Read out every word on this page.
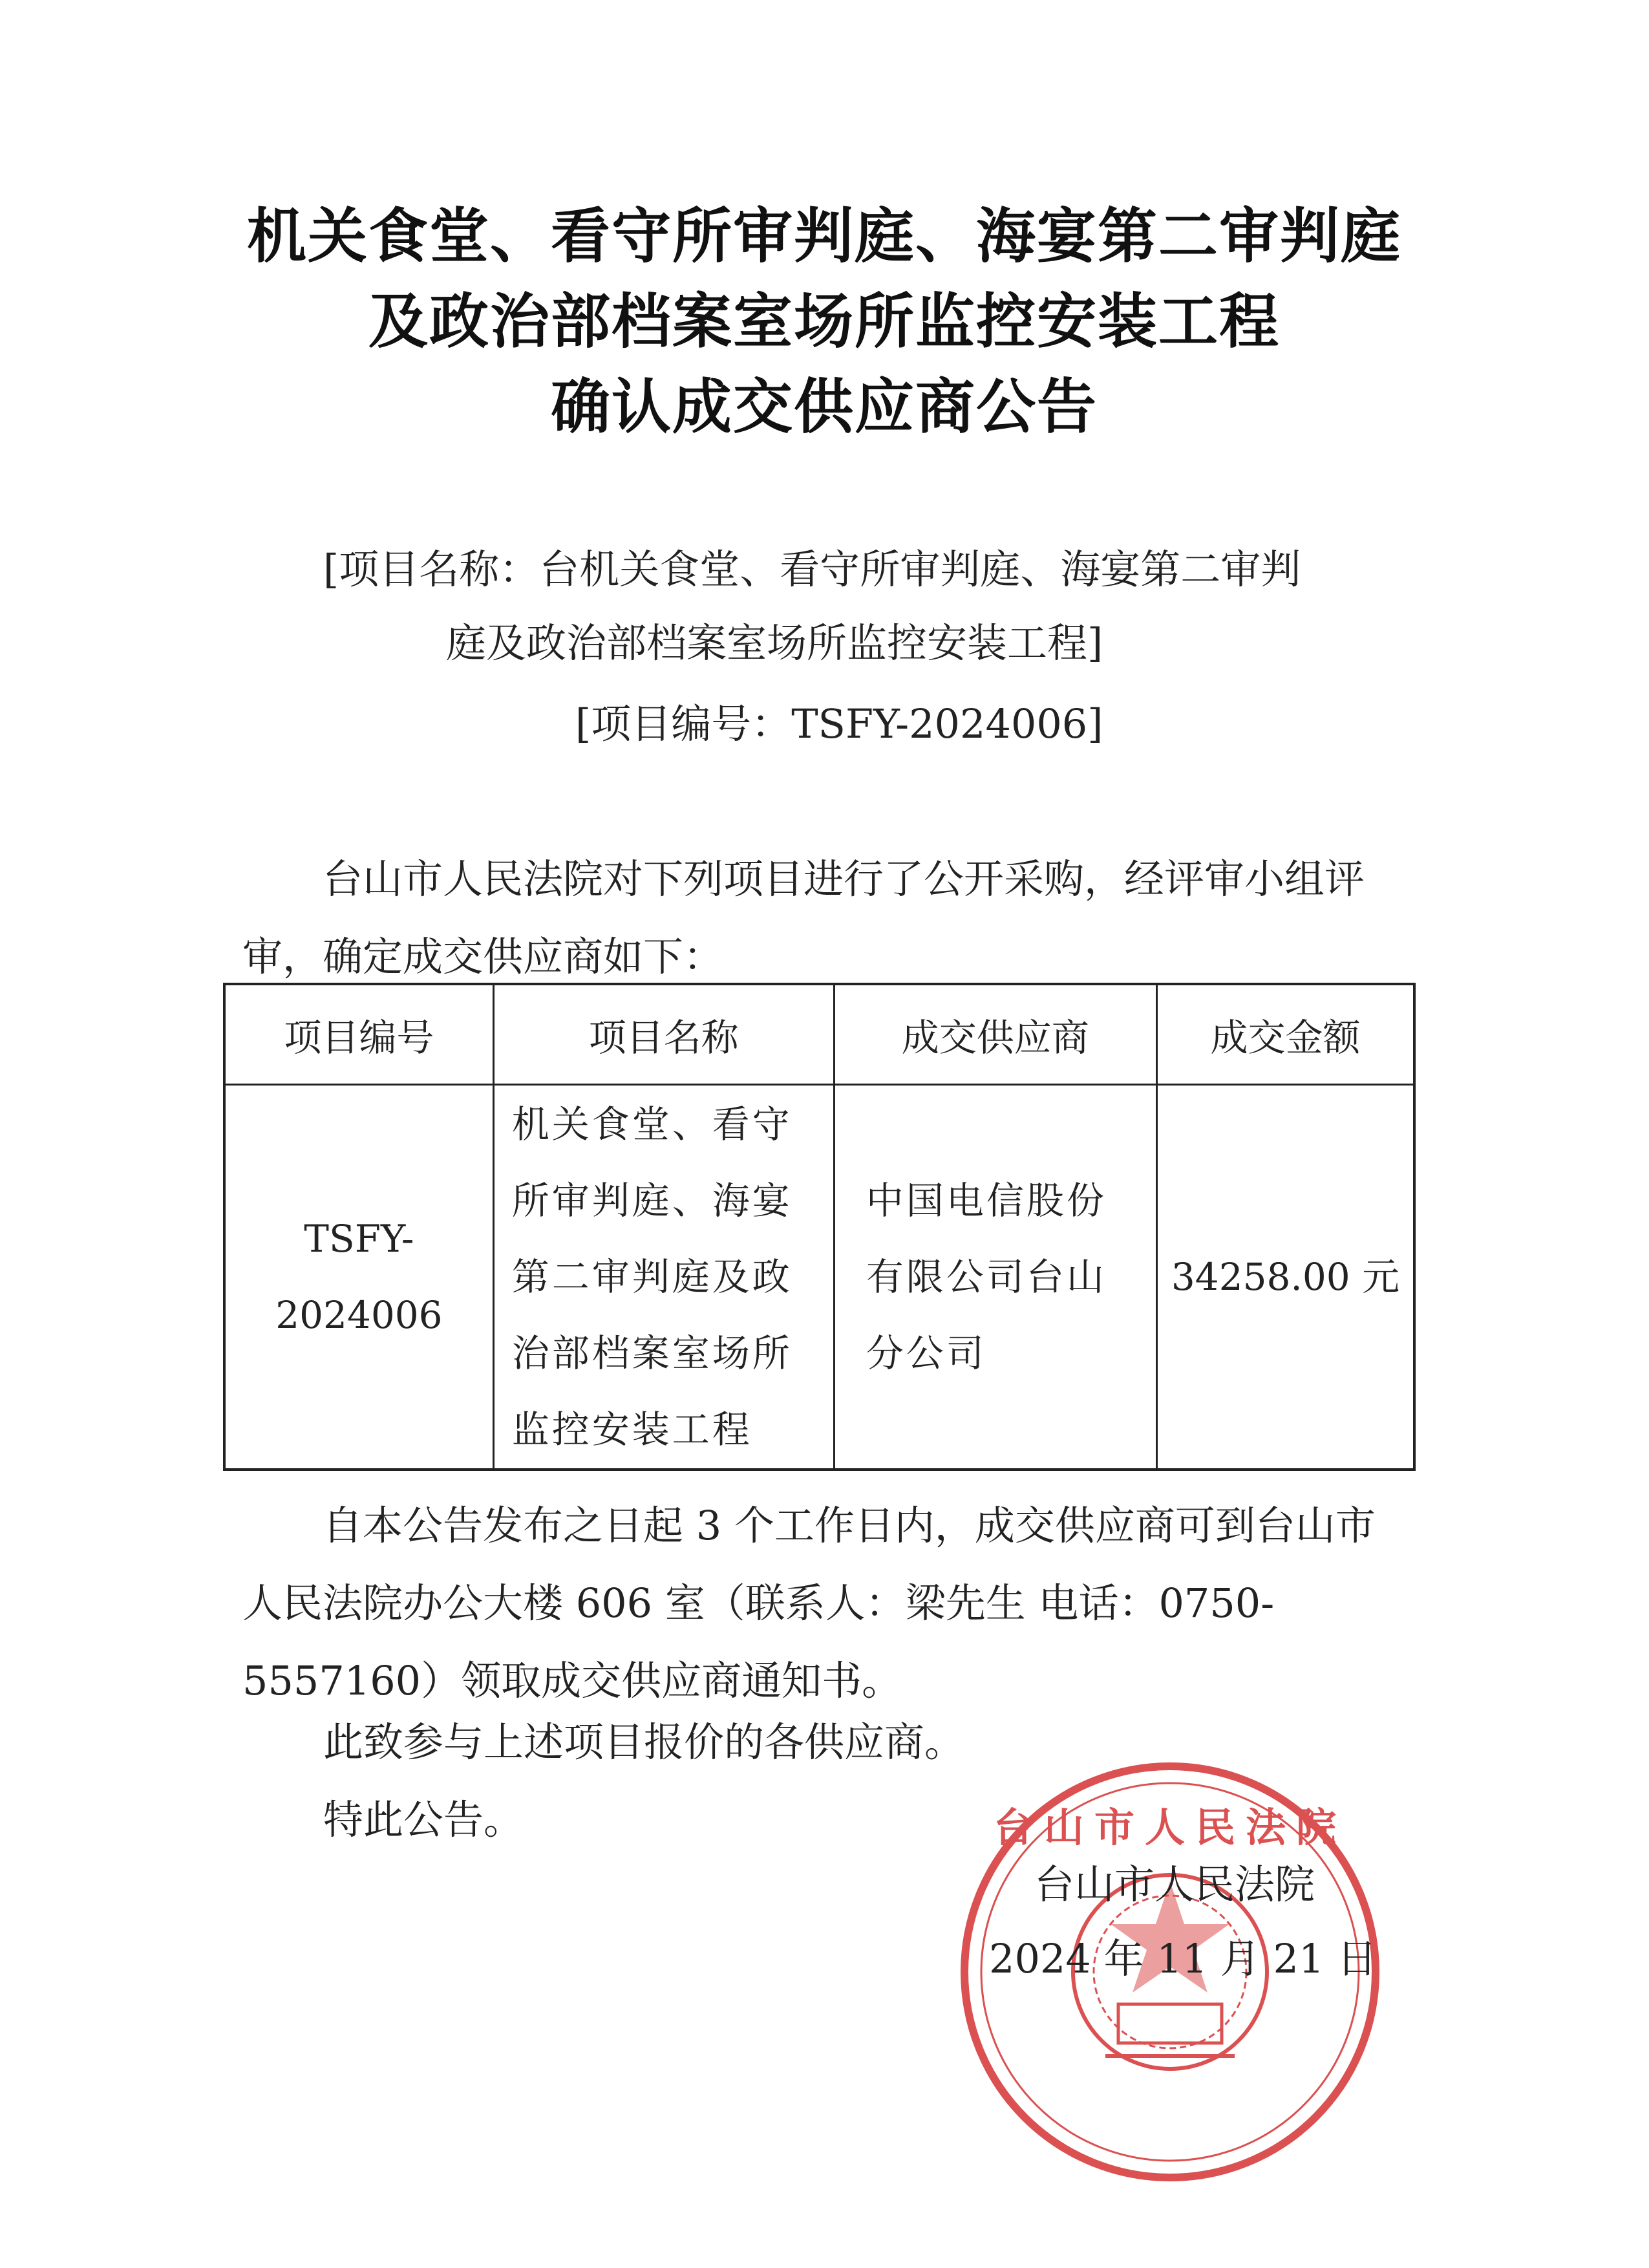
机关食堂、看守所审判庭、海宴第二审判庭
及政治部档案室场所监控安装工程
确认成交供应商公告
[项目名称：台机关食堂、看守所审判庭、海宴第二审判
庭及政治部档案室场所监控安装工程]
[项目编号：TSFY-2024006]
台山市人民法院对下列项目进行了公开采购，经评审小组评审，确定成交供应商如下：
项目编号	项目名称	成交供应商	成交金额
TSFY-2024006	机关食堂、看守所审判庭、海宴第二审判庭及政治部档案室场所监控安装工程	中国电信股份有限公司台山分公司	34258.00 元
自本公告发布之日起 3 个工作日内，成交供应商可到台山市人民法院办公大楼 606 室（联系人：梁先生 电话：0750-5557160）领取成交供应商通知书。
此致参与上述项目报价的各供应商。
特此公告。	台山市人民法院
台山市人民法院
2024 年 11 月 21 日
